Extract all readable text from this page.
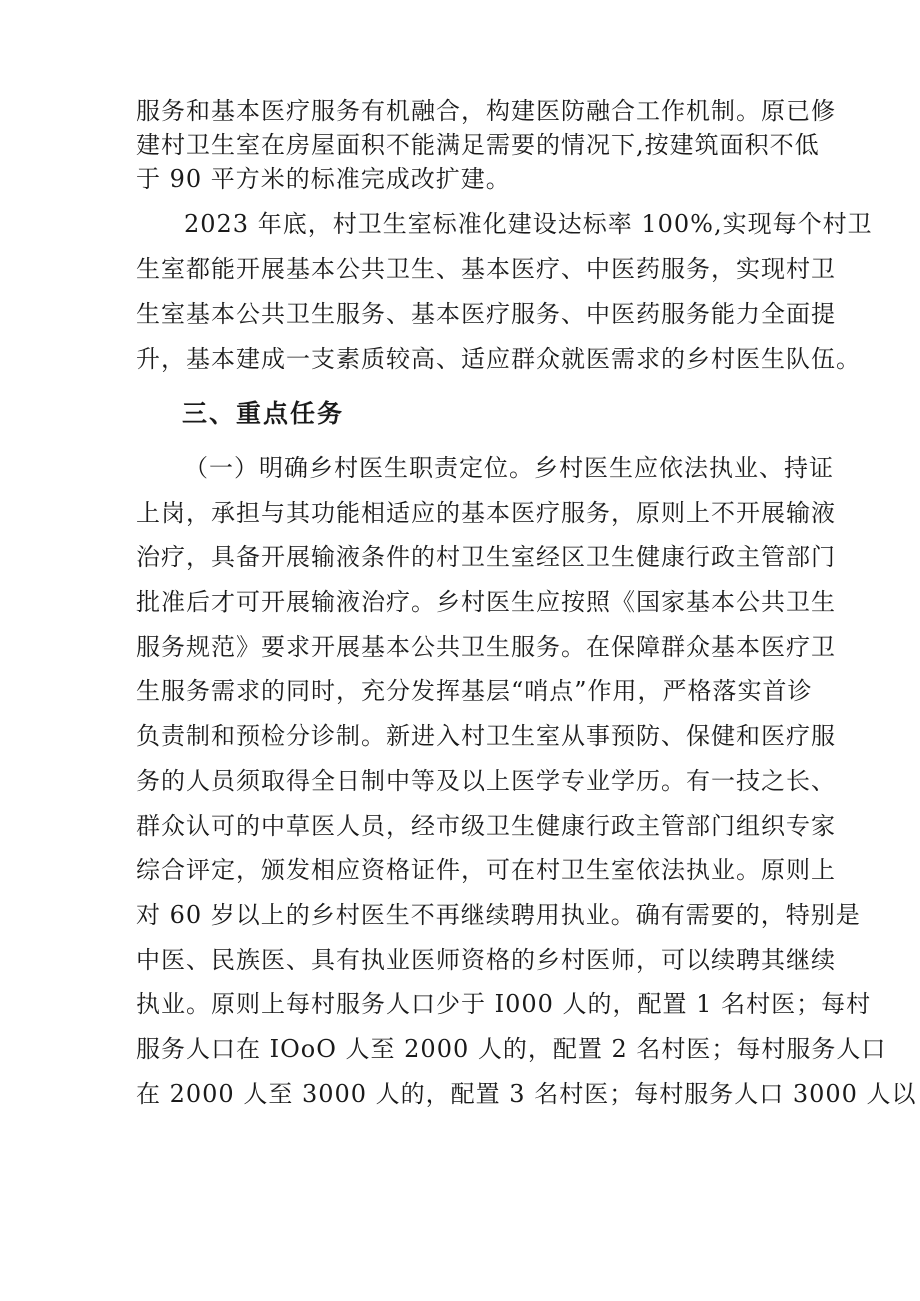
服务和基本医疗服务有机融合，构建医防融合工作机制。原已修
建村卫生室在房屋面积不能满足需要的情况下,按建筑面积不低
于 90 平方米的标准完成改扩建。
2023 年底，村卫生室标准化建设达标率 100%,实现每个村卫
生室都能开展基本公共卫生、基本医疗、中医药服务，实现村卫
生室基本公共卫生服务、基本医疗服务、中医药服务能力全面提
升，基本建成一支素质较高、适应群众就医需求的乡村医生队伍。
三、重点任务
（一）明确乡村医生职责定位。乡村医生应依法执业、持证
上岗，承担与其功能相适应的基本医疗服务，原则上不开展输液
治疗，具备开展输液条件的村卫生室经区卫生健康行政主管部门
批准后才可开展输液治疗。乡村医生应按照《国家基本公共卫生
服务规范》要求开展基本公共卫生服务。在保障群众基本医疗卫
生服务需求的同时，充分发挥基层“哨点”作用，严格落实首诊
负责制和预检分诊制。新进入村卫生室从事预防、保健和医疗服
务的人员须取得全日制中等及以上医学专业学历。有一技之长、
群众认可的中草医人员，经市级卫生健康行政主管部门组织专家
综合评定，颁发相应资格证件，可在村卫生室依法执业。原则上
对 60 岁以上的乡村医生不再继续聘用执业。确有需要的，特别是
中医、民族医、具有执业医师资格的乡村医师，可以续聘其继续
执业。原则上每村服务人口少于 I000 人的，配置 1 名村医；每村
服务人口在 IOoO 人至 2000 人的，配置 2 名村医；每村服务人口
在 2000 人至 3000 人的，配置 3 名村医；每村服务人口 3000 人以
